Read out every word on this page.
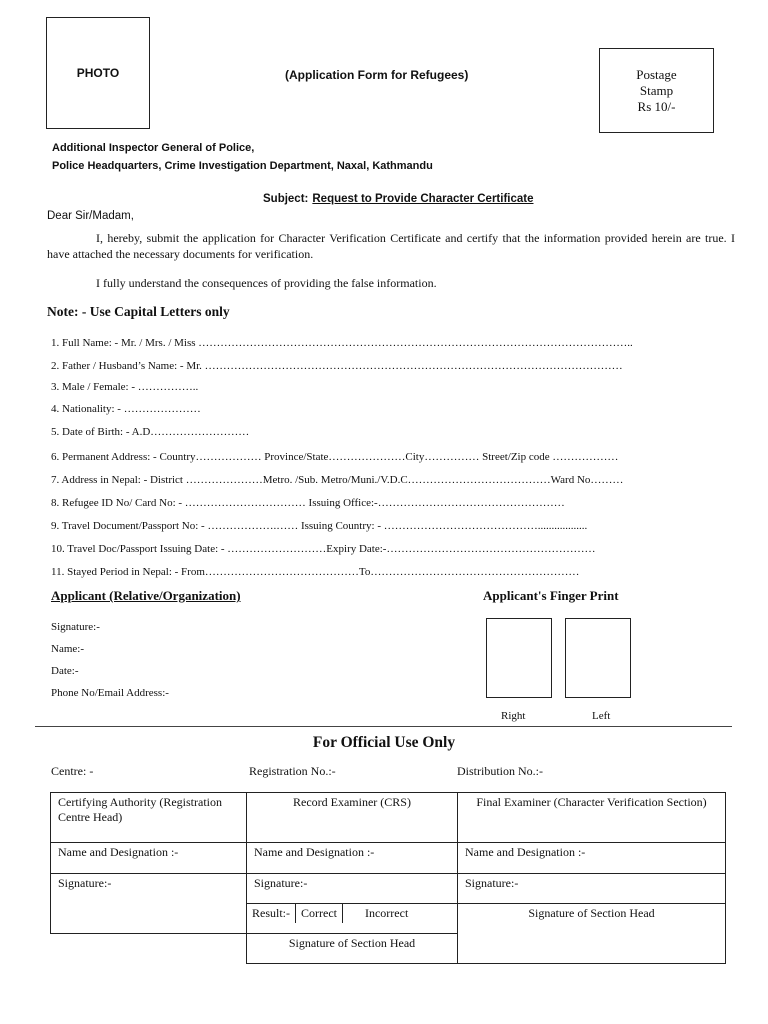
PHOTO	(Application Form for Refugees)	Postage
Stamp
Rs 10/-
Additional Inspector General of Police,
Police Headquarters, Crime Investigation Department, Naxal, Kathmandu
Subject: Request to Provide Character Certificate
Dear Sir/Madam,
I, hereby, submit the application for Character Verification Certificate and certify that the information provided herein are true. I have attached the necessary documents for verification.
I fully understand the consequences of providing the false information.
Note: - Use Capital Letters only
1. Full Name: - Mr. / Mrs. / Miss ………………………………………………………………………………………………………..
2. Father / Husband’s Name: - Mr. ……………………………………………………………………………………………………
3. Male / Female: - ……………..
4. Nationality: - …………………
5. Date of Birth: - A.D………………………
6. Permanent Address: - Country……………… Province/State…………………City…………… Street/Zip code ………………
7. Address in Nepal: - District …………………Metro. /Sub. Metro/Muni./V.D.C…………………………………Ward No………
8. Refugee ID No/ Card No: - …………………………… Issuing Office:-……………………………………………
9. Travel Document/Passport No: - ……………….…… Issuing Country: - ……………………………………..................
10. Travel Doc/Passport Issuing Date: - ………………………Expiry Date:-…………………………………………………
11. Stayed Period in Nepal: - From……………………………………To…………………………………………………
Applicant (Relative/Organization)
Signature:-
Name:-
Date:-
Phone No/Email Address:-
Applicant's Finger Print
Right	Left
For Official Use Only
Centre: -	Registration No.:-	Distribution No.:-
Certifying Authority (Registration Centre Head)	Record Examiner (CRS)	Final Examiner (Character Verification Section)
Name and Designation :-	Name and Designation :-	Name and Designation :-
Signature:-	Signature:-	Signature:-

	Result:- Correct Incorrect	Signature of Section Head
	Signature of Section Head	
